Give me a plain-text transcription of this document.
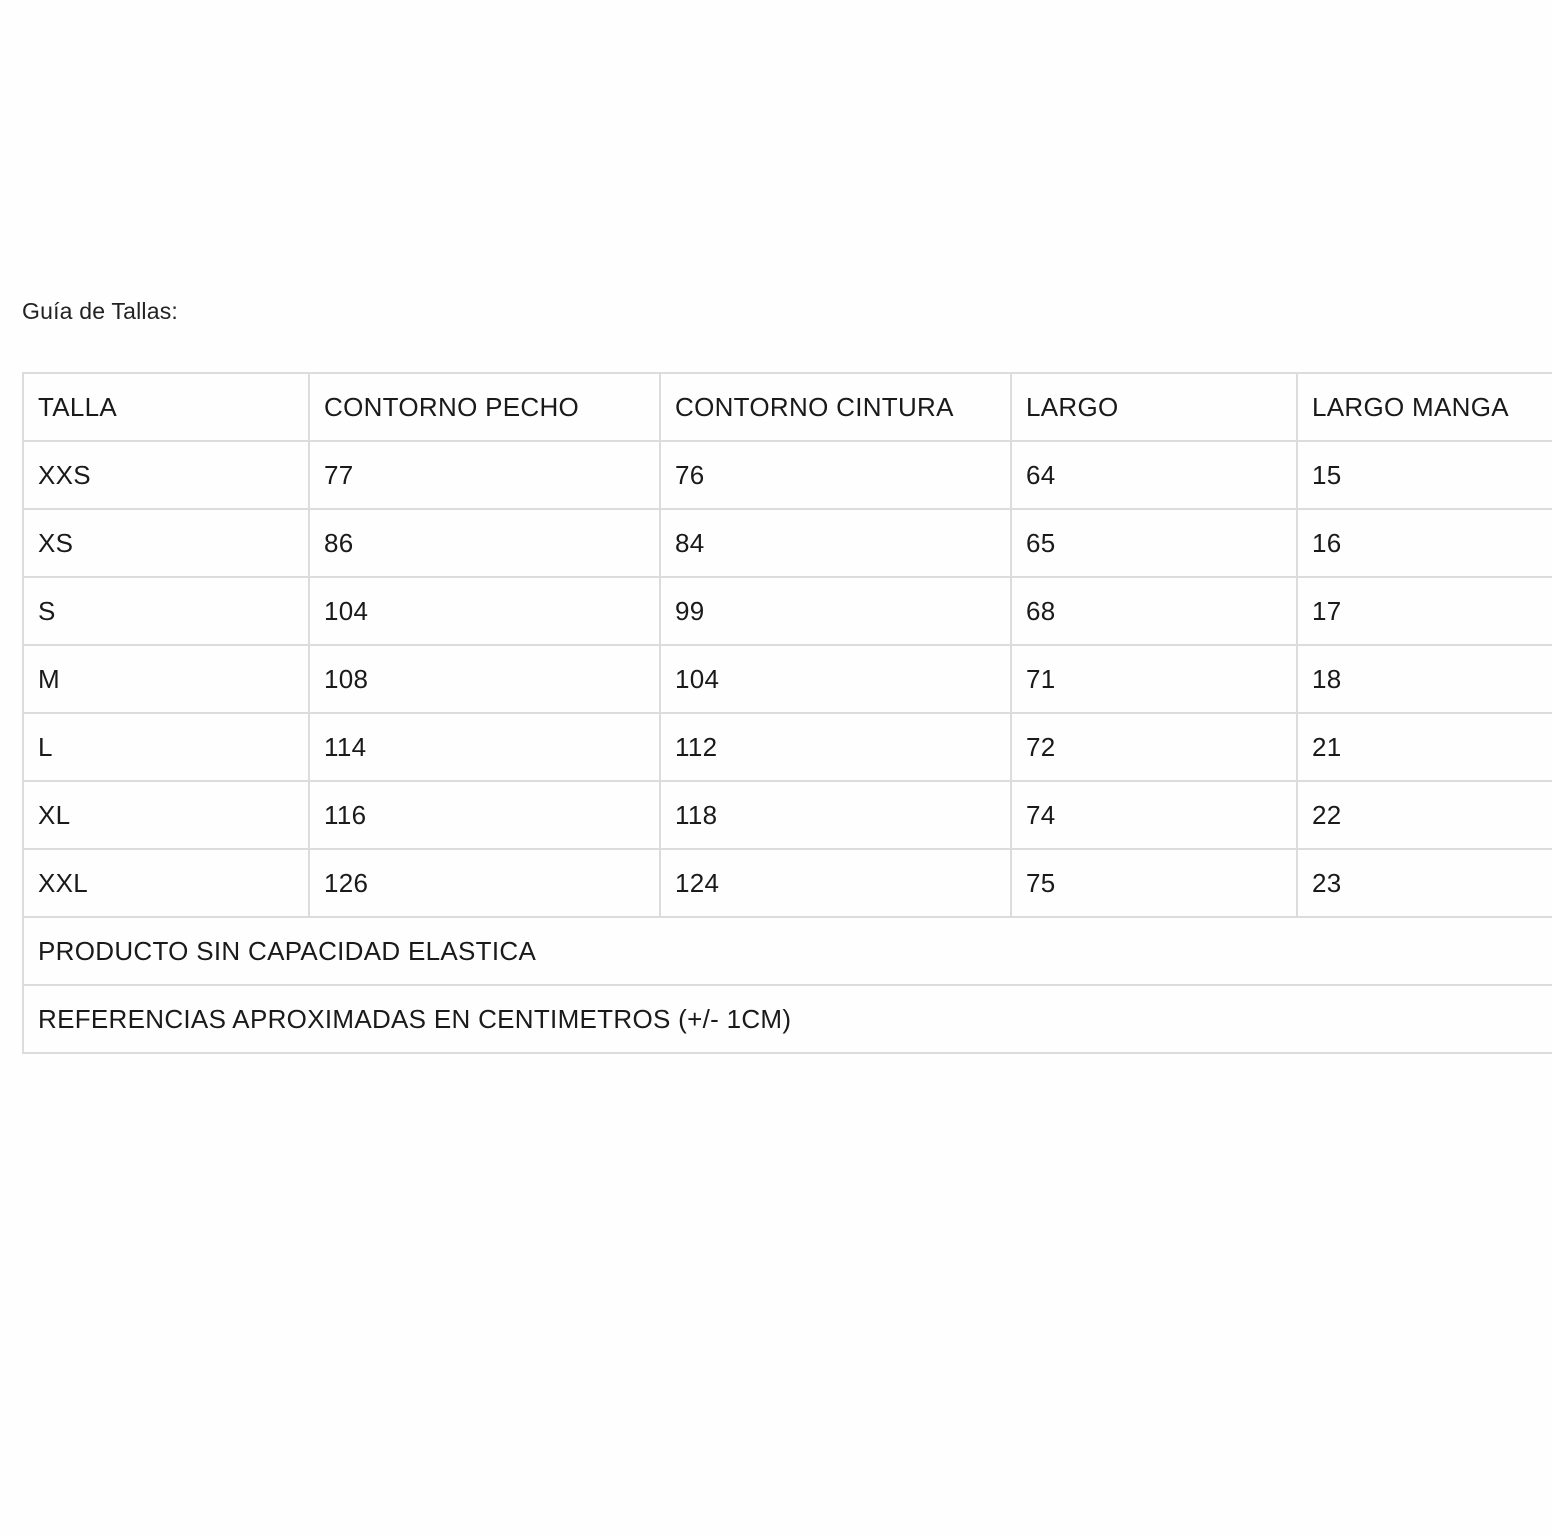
Guía de Tallas:
TALLA	CONTORNO PECHO	CONTORNO CINTURA	LARGO	LARGO MANGA
XXS	77	76	64	15
XS	86	84	65	16
S	104	99	68	17
M	108	104	71	18
L	114	112	72	21
XL	116	118	74	22
XXL	126	124	75	23
PRODUCTO SIN CAPACIDAD ELASTICA				
REFERENCIAS APROXIMADAS EN CENTIMETROS (+/- 1CM)				
